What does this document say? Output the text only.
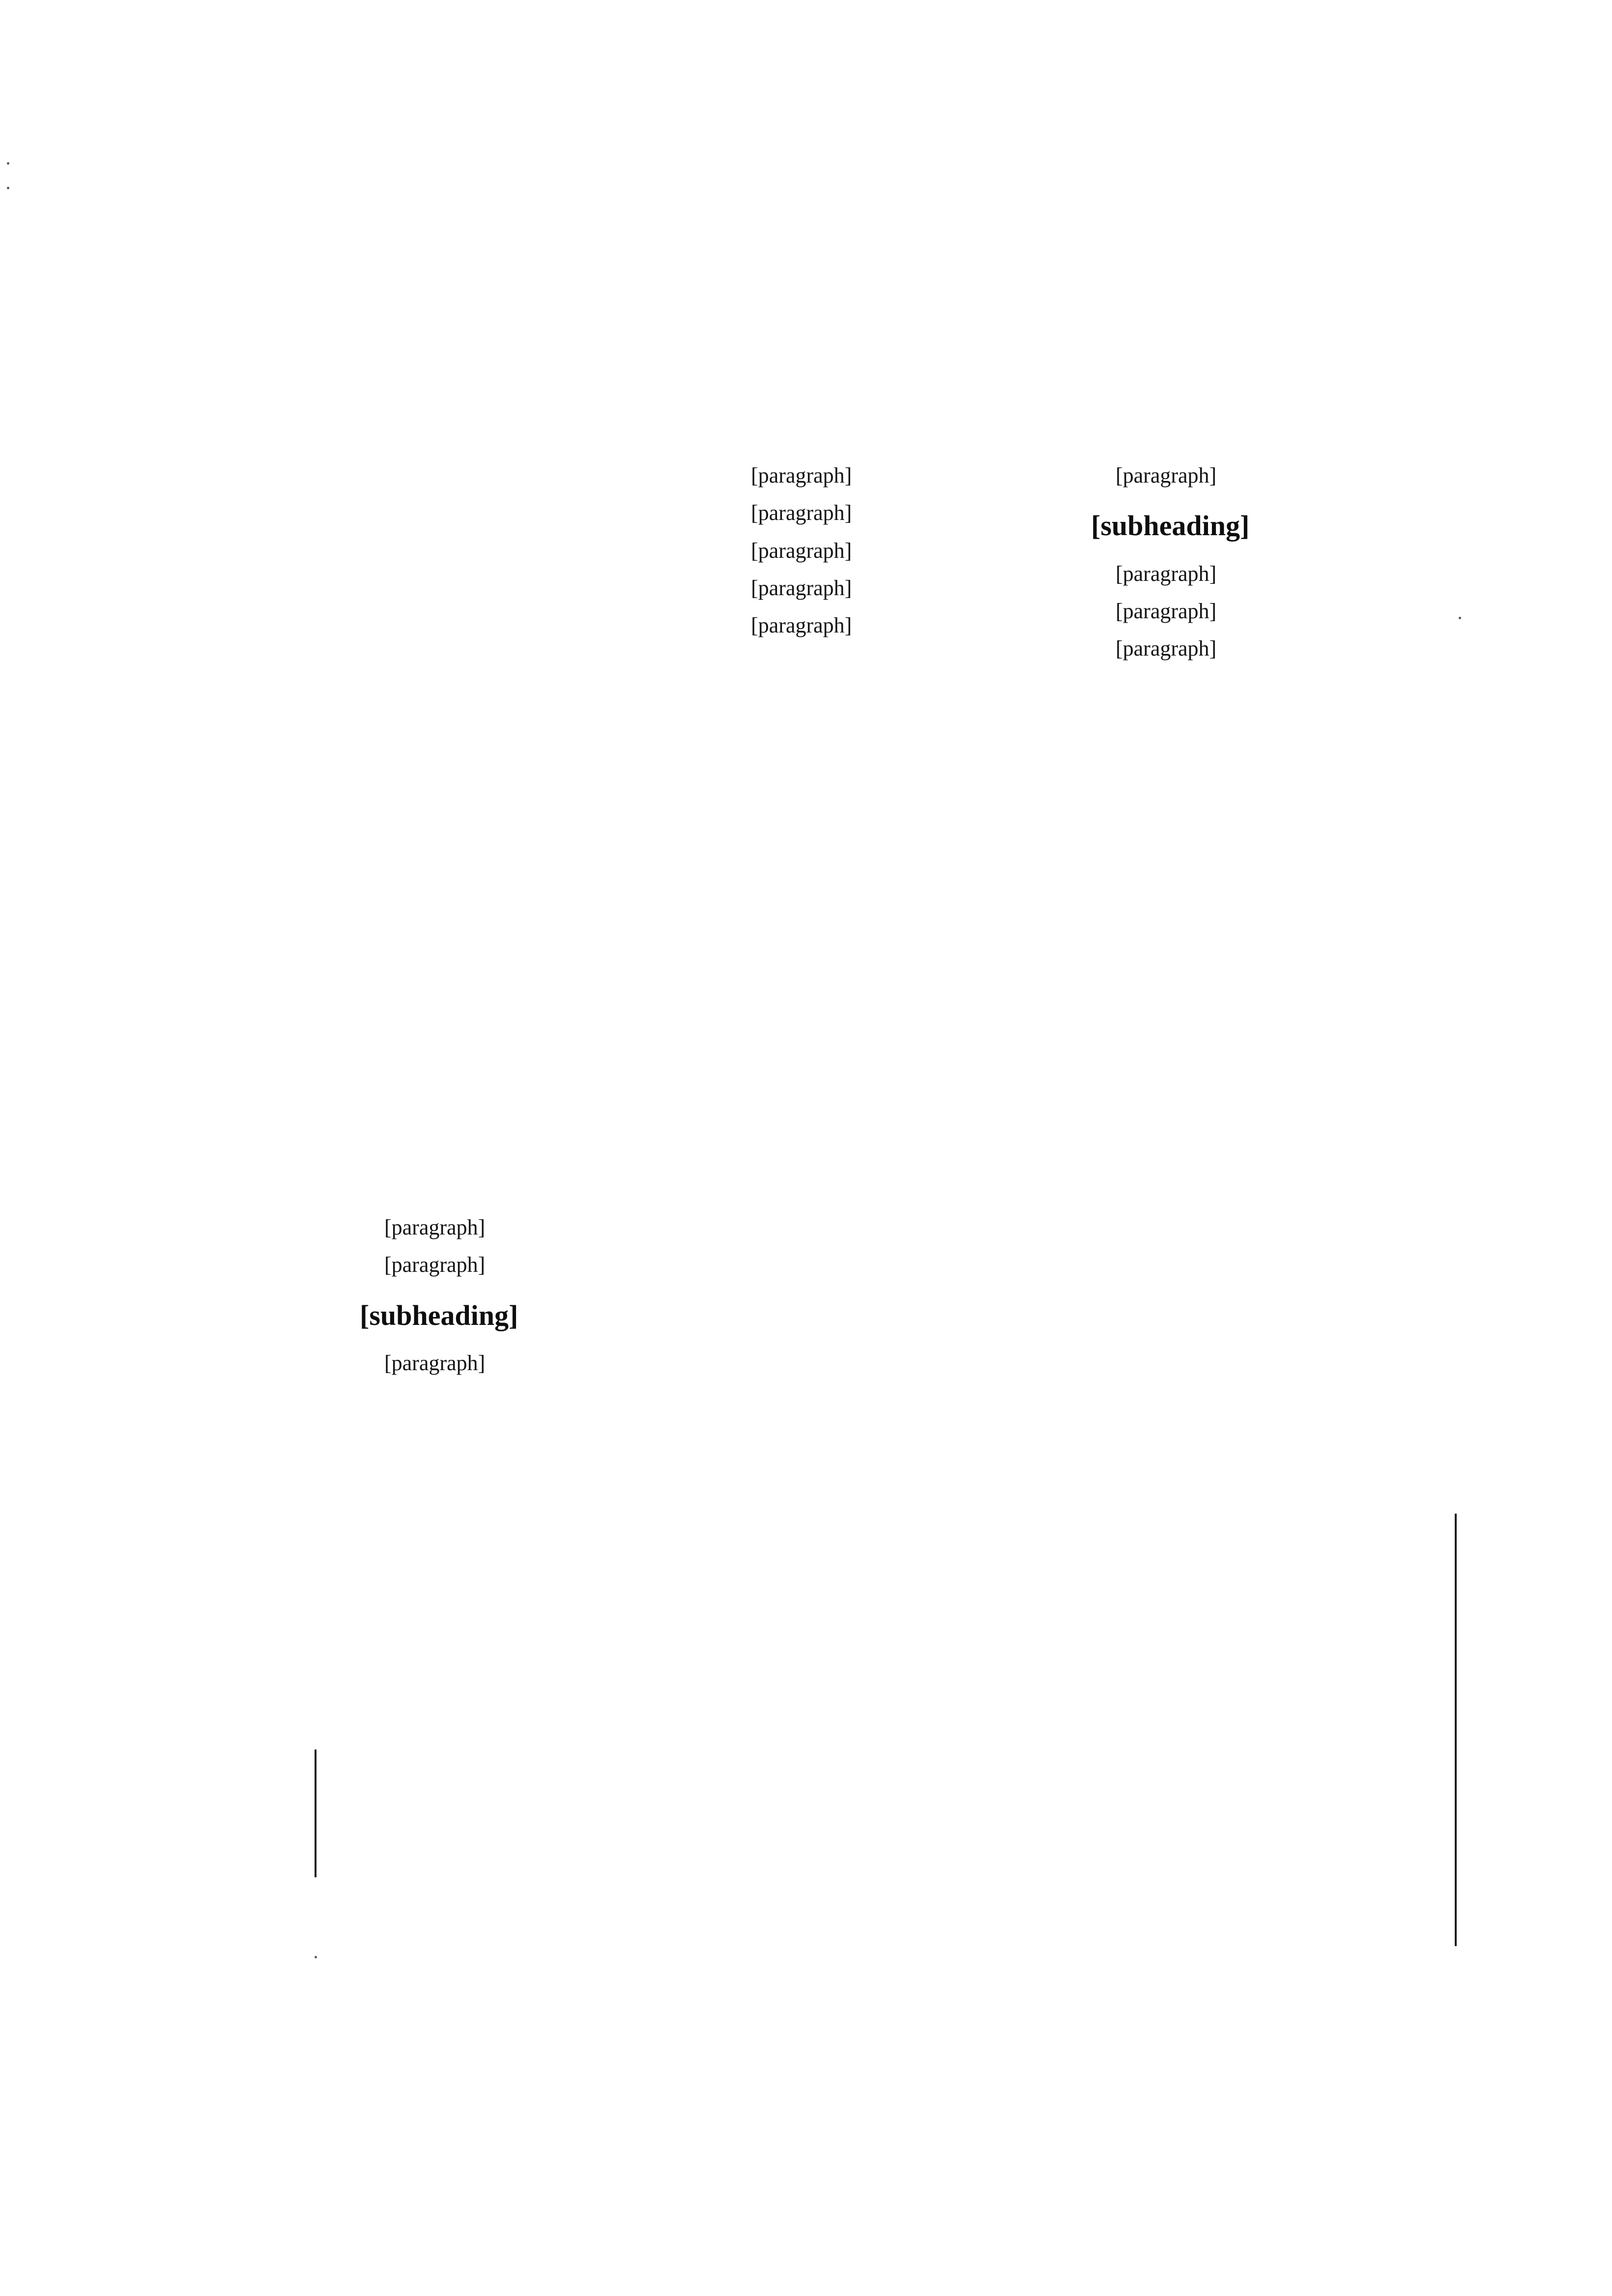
[paragraph]

[paragraph]

[subheading]

[paragraph]

[paragraph]

[paragraph]

[paragraph]

[paragraph]

[paragraph]

[paragraph]

[subheading]

[paragraph]

[paragraph]

[paragraph]
